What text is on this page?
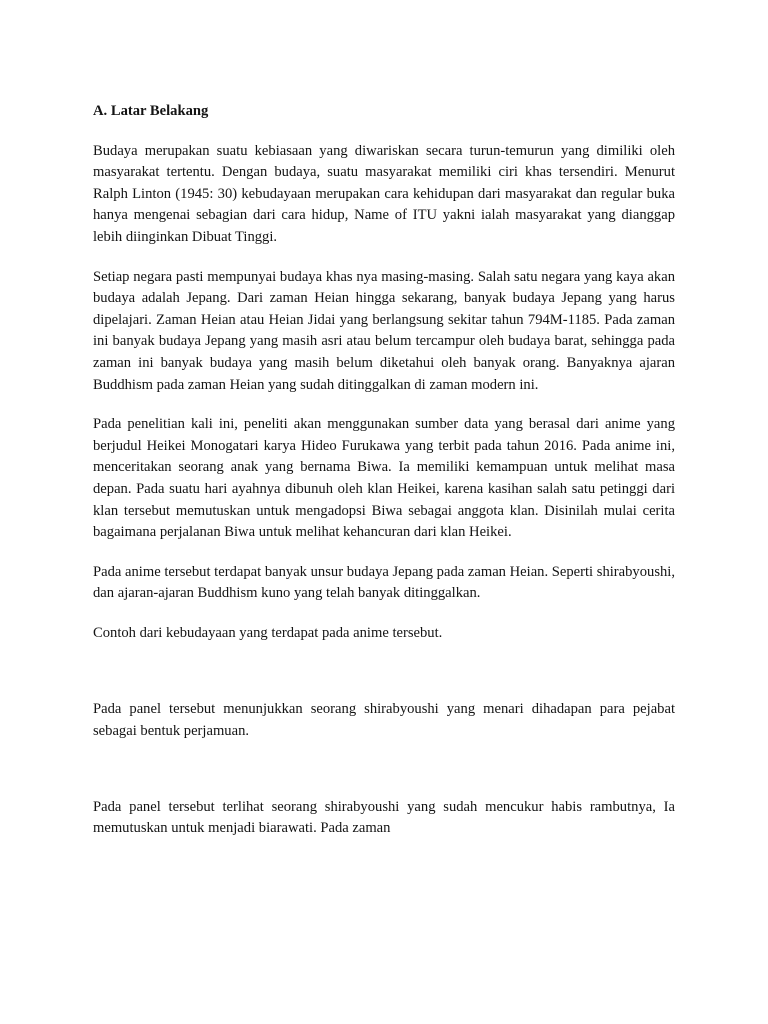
A. Latar Belakang

Budaya merupakan suatu kebiasaan yang diwariskan secara turun-temurun yang dimiliki oleh masyarakat tertentu. Dengan budaya, suatu masyarakat memiliki ciri khas tersendiri. Menurut Ralph Linton (1945: 30) kebudayaan merupakan cara kehidupan dari masyarakat dan regular buka hanya mengenai sebagian dari cara hidup, Name of ITU yakni ialah masyarakat yang dianggap lebih diinginkan Dibuat Tinggi.

Setiap negara pasti mempunyai budaya khas nya masing-masing. Salah satu negara yang kaya akan budaya adalah Jepang. Dari zaman Heian hingga sekarang, banyak budaya Jepang yang harus dipelajari. Zaman Heian atau Heian Jidai yang berlangsung sekitar tahun 794M-1185. Pada zaman ini banyak budaya Jepang yang masih asri atau belum tercampur oleh budaya barat, sehingga pada zaman ini banyak budaya yang masih belum diketahui oleh banyak orang. Banyaknya ajaran Buddhism pada zaman Heian yang sudah ditinggalkan di zaman modern ini.

Pada penelitian kali ini, peneliti akan menggunakan sumber data yang berasal dari anime yang berjudul Heikei Monogatari karya Hideo Furukawa yang terbit pada tahun 2016. Pada anime ini, menceritakan seorang anak yang bernama Biwa. Ia memiliki kemampuan untuk melihat masa depan. Pada suatu hari ayahnya dibunuh oleh klan Heikei, karena kasihan salah satu petinggi dari klan tersebut memutuskan untuk mengadopsi Biwa sebagai anggota klan. Disinilah mulai cerita bagaimana perjalanan Biwa untuk melihat kehancuran dari klan Heikei.

Pada anime tersebut terdapat banyak unsur budaya Jepang pada zaman Heian. Seperti shirabyoushi, dan ajaran-ajaran Buddhism kuno yang telah banyak ditinggalkan.

Contoh dari kebudayaan yang terdapat pada anime tersebut.

Pada panel tersebut menunjukkan seorang shirabyoushi yang menari dihadapan para pejabat sebagai bentuk perjamuan.

Pada panel tersebut terlihat seorang shirabyoushi yang sudah mencukur habis rambutnya, Ia memutuskan untuk menjadi biarawati. Pada zaman
